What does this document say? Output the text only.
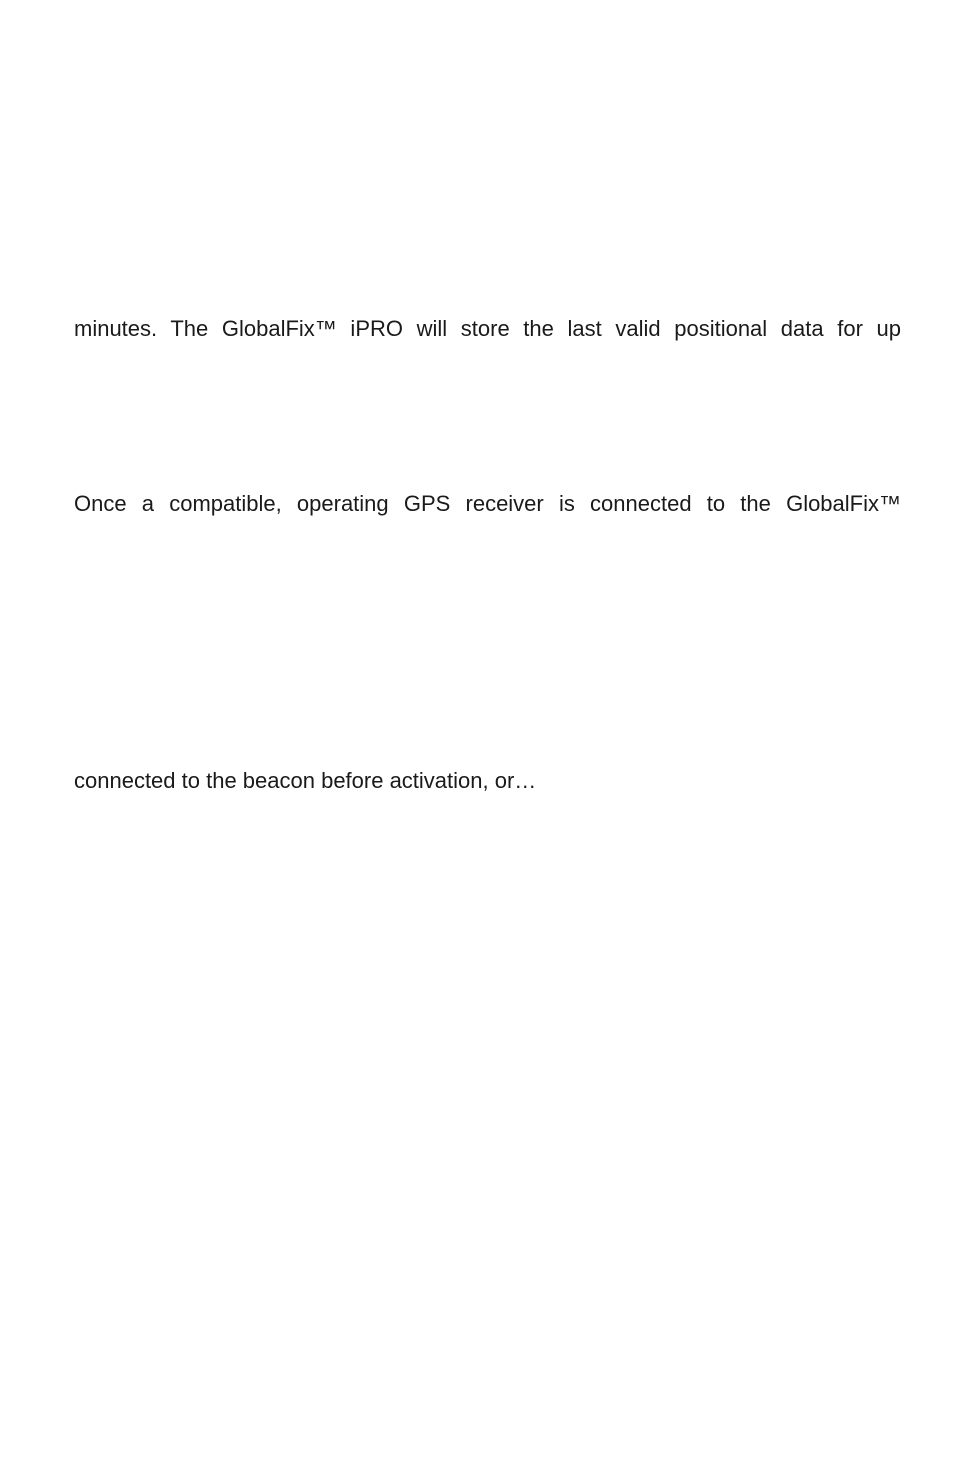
minutes. The GlobalFix™ iPRO will store the last valid positional data for up
Once a compatible, operating GPS receiver is connected to the GlobalFix™
connected to the beacon before activation, or…
